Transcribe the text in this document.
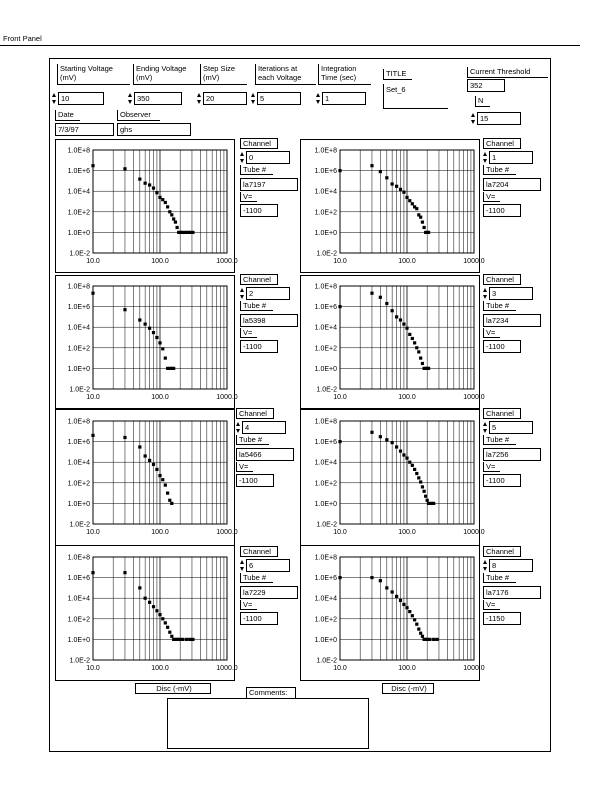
Front Panel
Starting Voltage (mV)
10
Ending Voltage (mV)
350
Step Size (mV)
20
Iterations at each Voltage
5
Integration Time (sec)
1
TITLE
Set_6
Current Threshold
352
N
15
Date
7/3/97
Observer
ghs
Channel
0
Tube #
la7197
V=
-1100
Channel
1
Tube #
la7204
V=
-1100
Channel
2
Tube #
la5398
V=
-1100
Channel
3
Tube #
la7234
V=
-1100
Channel
4
Tube #
la5466
V=
-1100
Channel
5
Tube #
la7256
V=
-1100
Channel
6
Tube #
la7229
V=
-1100
Channel
8
Tube #
la7176
V=
-1150
Disc (-mV)	Disc (-mV)
Comments:
1.0E-2
1.0E+0
1.0E+2
1.0E+4
1.0E+6
1.0E+8
10.0	100.0	1000.0
1.0E-2
1.0E+0
1.0E+2
1.0E+4
1.0E+6
1.0E+8
10.0	100.0	1000.0
1.0E-2
1.0E+0
1.0E+2
1.0E+4
1.0E+6
1.0E+8
10.0	100.0	1000.0
1.0E-2
1.0E+0
1.0E+2
1.0E+4
1.0E+6
1.0E+8
10.0	100.0	1000.0
1.0E-2
1.0E+0
1.0E+2
1.0E+4
1.0E+6
1.0E+8
10.0	100.0	1000.0
1.0E-2
1.0E+0
1.0E+2
1.0E+4
1.0E+6
1.0E+8
10.0	100.0	1000.0
1.0E-2
1.0E+0
1.0E+2
1.0E+4
1.0E+6
1.0E+8
10.0	100.0	1000.0
1.0E-2
1.0E+0
1.0E+2
1.0E+4
1.0E+6
1.0E+8
10.0	100.0	1000.0
